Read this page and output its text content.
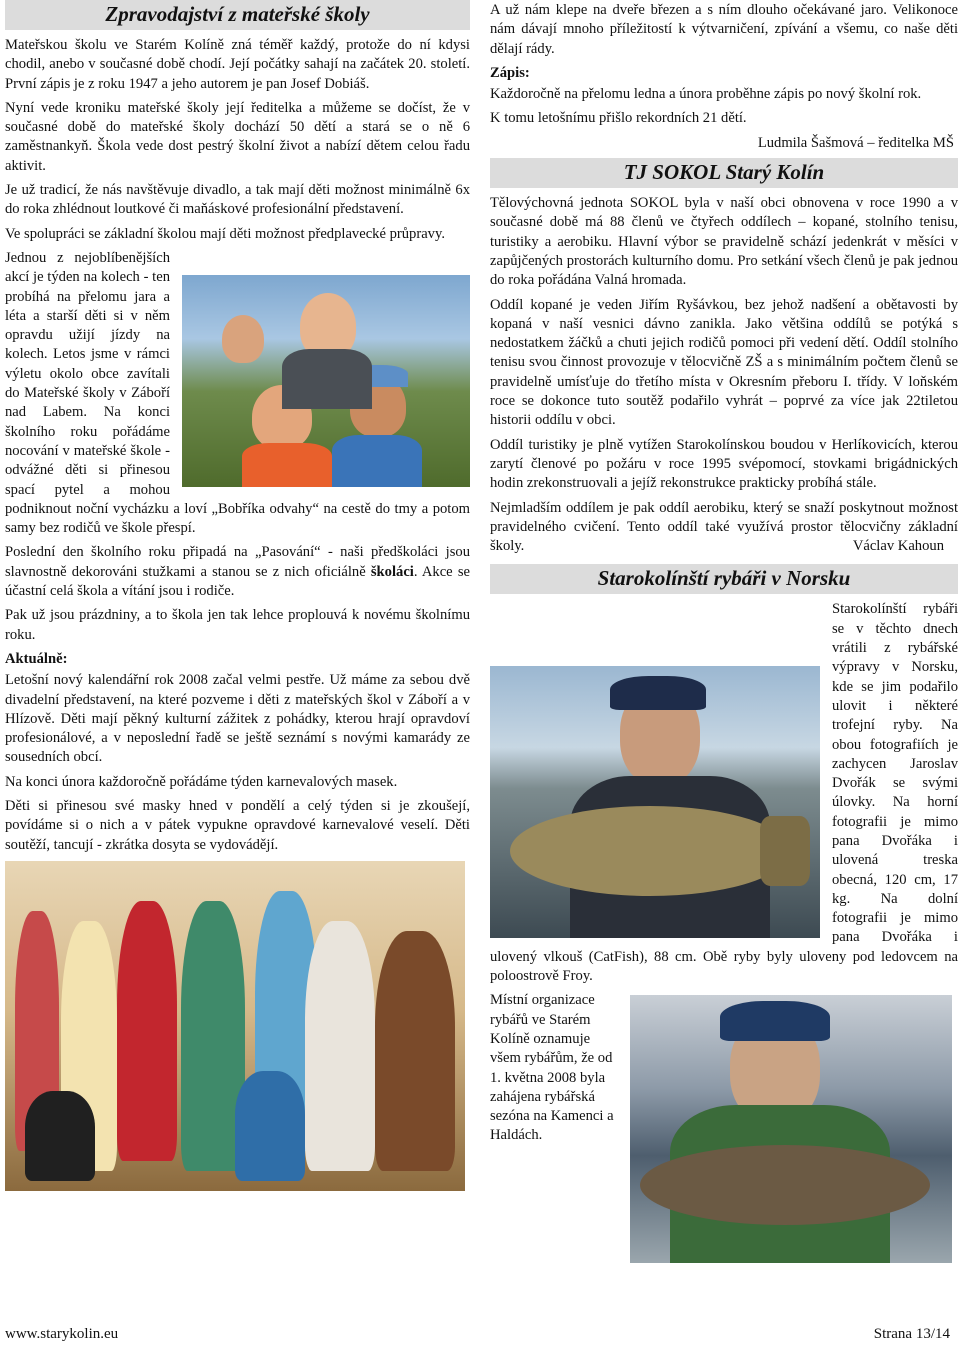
Zpravodajství z mateřské školy

Mateřskou školu ve Starém Kolíně zná téměř každý, protože do ní kdysi chodil, anebo v současné době chodí. Její počátky sahají na začátek 20. století. První zápis je z roku 1947 a jeho autorem je pan Josef Dobiáš.

Nyní vede kroniku mateřské školy její ředitelka a můžeme se dočíst, že v současné době do mateřské školy dochází 50 dětí a stará se o ně 6 zaměstnankyň. Škola vede dost pestrý školní život a nabízí dětem celou řadu aktivit.

Je už tradicí, že nás navštěvuje divadlo, a tak mají děti možnost minimálně 6x do roka zhlédnout loutkové či maňáskové profesionální představení.

Ve spolupráci se základní školou mají děti možnost předplavecké průpravy.

Jednou z nejoblíbenějších akcí je týden na kolech - ten probíhá na přelomu jara a léta a starší děti si v něm opravdu užijí jízdy na kolech. Letos jsme v rámci výletu okolo obce zavítali do Mateřské školy v Záboří nad Labem. Na konci školního roku pořádáme nocování v mateřské škole - odvážné děti si přinesou spací pytel a mohou podniknout noční vycházku a loví „Bobříka odvahy“ na cestě do tmy a potom samy bez rodičů ve škole přespí.

Poslední den školního roku připadá na „Pasování“ - naši předškoláci jsou slavnostně dekorováni stužkami a stanou se z nich oficiálně školáci. Akce se účastní celá škola a vítání jsou i rodiče.

Pak už jsou prázdniny, a to škola jen tak lehce proplouvá k novému školnímu roku.

Aktuálně:

Letošní nový kalendářní rok 2008 začal velmi pestře. Už máme za sebou dvě divadelní představení, na které pozveme i děti z mateřských škol v Záboří a v Hlízově. Děti mají pěkný kulturní zážitek z pohádky, kterou hrají opravdoví profesionálové, a v neposlední řadě se ještě seznámí s novými kamarády ze sousedních obcí.

Na konci února každoročně pořádáme týden karnevalových masek.

Děti si přinesou své masky hned v pondělí a celý týden si je zkoušejí, povídáme si o nich a v pátek vypukne opravdové karnevalové veselí. Děti soutěží, tancují - zkrátka dosyta se vydovádějí.

A už nám klepe na dveře březen a s ním dlouho očekávané jaro. Velikonoce nám dávají mnoho příležitostí k výtvarničení, zpívání a všemu, co naše děti dělají rády.

Zápis:

Každoročně na přelomu ledna a února proběhne zápis po nový školní rok.

K tomu letošnímu přišlo rekordních 21 dětí.

Ludmila Šašmová – ředitelka MŠ

TJ SOKOL Starý Kolín

Tělovýchovná jednota SOKOL byla v naší obci obnovena v roce 1990 a v současné době má 88 členů ve čtyřech oddílech – kopané, stolního tenisu, turistiky a aerobiku. Hlavní výbor se pravidelně schází jedenkrát v měsíci v zapůjčených prostorách kulturního domu. Pro setkání všech členů je pak jednou do roka pořádána Valná hromada.

Oddíl kopané je veden Jiřím Ryšávkou, bez jehož nadšení a obětavosti by kopaná v naší vesnici dávno zanikla. Jako většina oddílů se potýká s nedostatkem žáčků a chuti jejich rodičů pomoci při vedení dětí. Oddíl stolního tenisu svou činnost provozuje v tělocvičně ZŠ a s minimálním počtem členů se pravidelně umísťuje do třetího místa v Okresním přeboru I. třídy. V loňském roce se dokonce tuto soutěž podařilo vyhrát – poprvé za více jak 22tiletou historii oddílu v obci.

Oddíl turistiky je plně vytížen Starokolínskou boudou v Herlíkovicích, kterou zarytí členové po požáru v roce 1995 svépomocí, stovkami brigádnických hodin zrekonstruovali a jejíž rekonstrukce prakticky probíhá stále.

Nejmladším oddílem je pak oddíl aerobiku, který se snaží poskytnout možnost pravidelného cvičení. Tento oddíl také využívá prostor tělocvičny základní školy.	Václav Kahoun

Starokolínští rybáři v Norsku

Starokolínští rybáři se v těchto dnech vrátili z rybářské výpravy v Norsku, kde se jim podařilo ulovit i některé trofejní ryby. Na obou fotografiích je zachycen Jaroslav Dvořák se svými úlovky. Na horní fotografii je mimo pana Dvořáka i ulovená treska obecná, 120 cm, 17 kg. Na dolní fotografii je mimo pana Dvořáka i ulovený vlkouš (CatFish), 88 cm. Obě ryby byly uloveny pod ledovcem na poloostrově Froy.

Místní organizace rybářů ve Starém Kolíně oznamuje všem rybářům, že od 1. května 2008 byla zahájena rybářská sezóna na Kamenci a Haldách.

www.starykolin.eu	Strana 13/14
